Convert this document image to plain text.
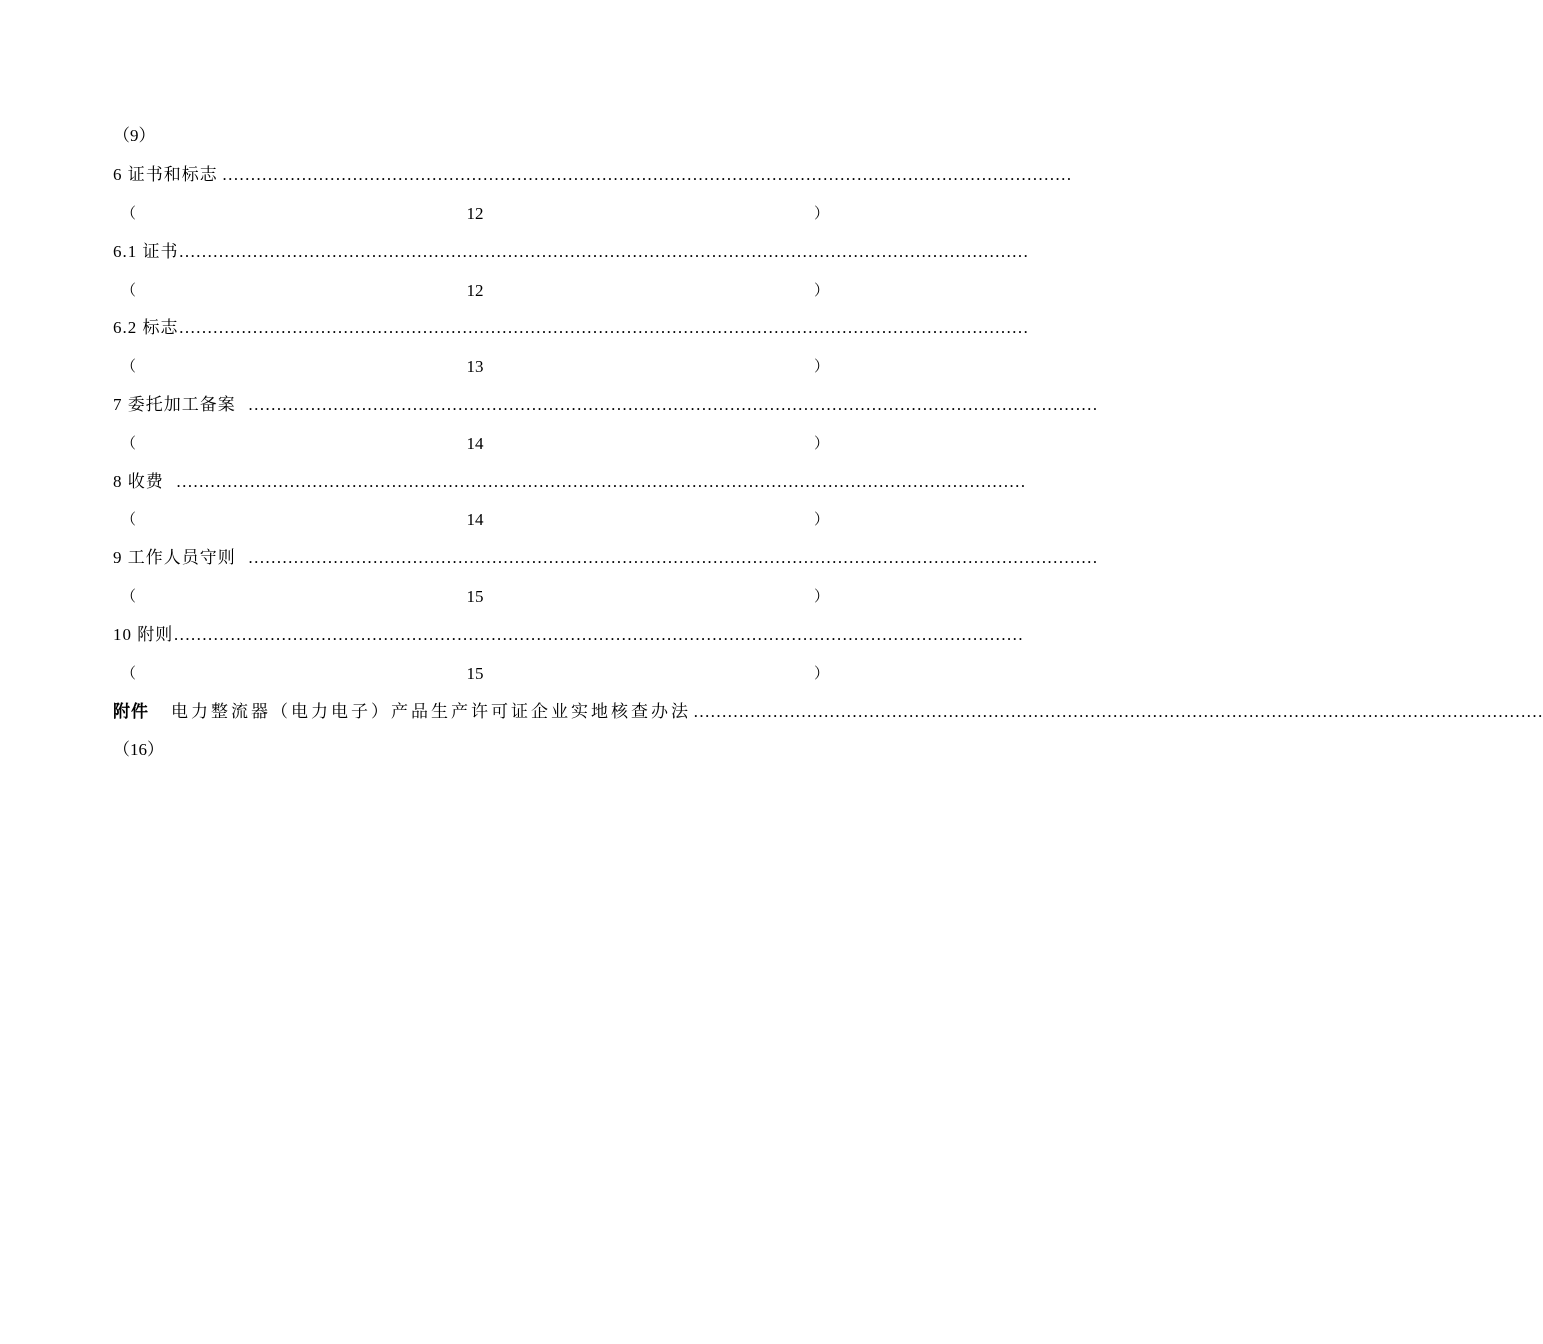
（9）
6 证书和标志 ……………………………………………………………………………………………………………………………………
（	12	）
6.1 证书 ……………………………………………………………………………………………………………………………………
（	12	）
6.2 标志 ……………………………………………………………………………………………………………………………………
（	13	）
7 委托加工备案 ……………………………………………………………………………………………………………………………………
（	14	）
8 收费 ……………………………………………………………………………………………………………………………………
（	14	）
9 工作人员守则 ……………………………………………………………………………………………………………………………………
（	15	）
10 附则 ……………………………………………………………………………………………………………………………………
（	15	）
附件 电力整流器（电力电子）产品生产许可证企业实地核查办法 ……………………………………………………………………………………………………………………………………
（16）
